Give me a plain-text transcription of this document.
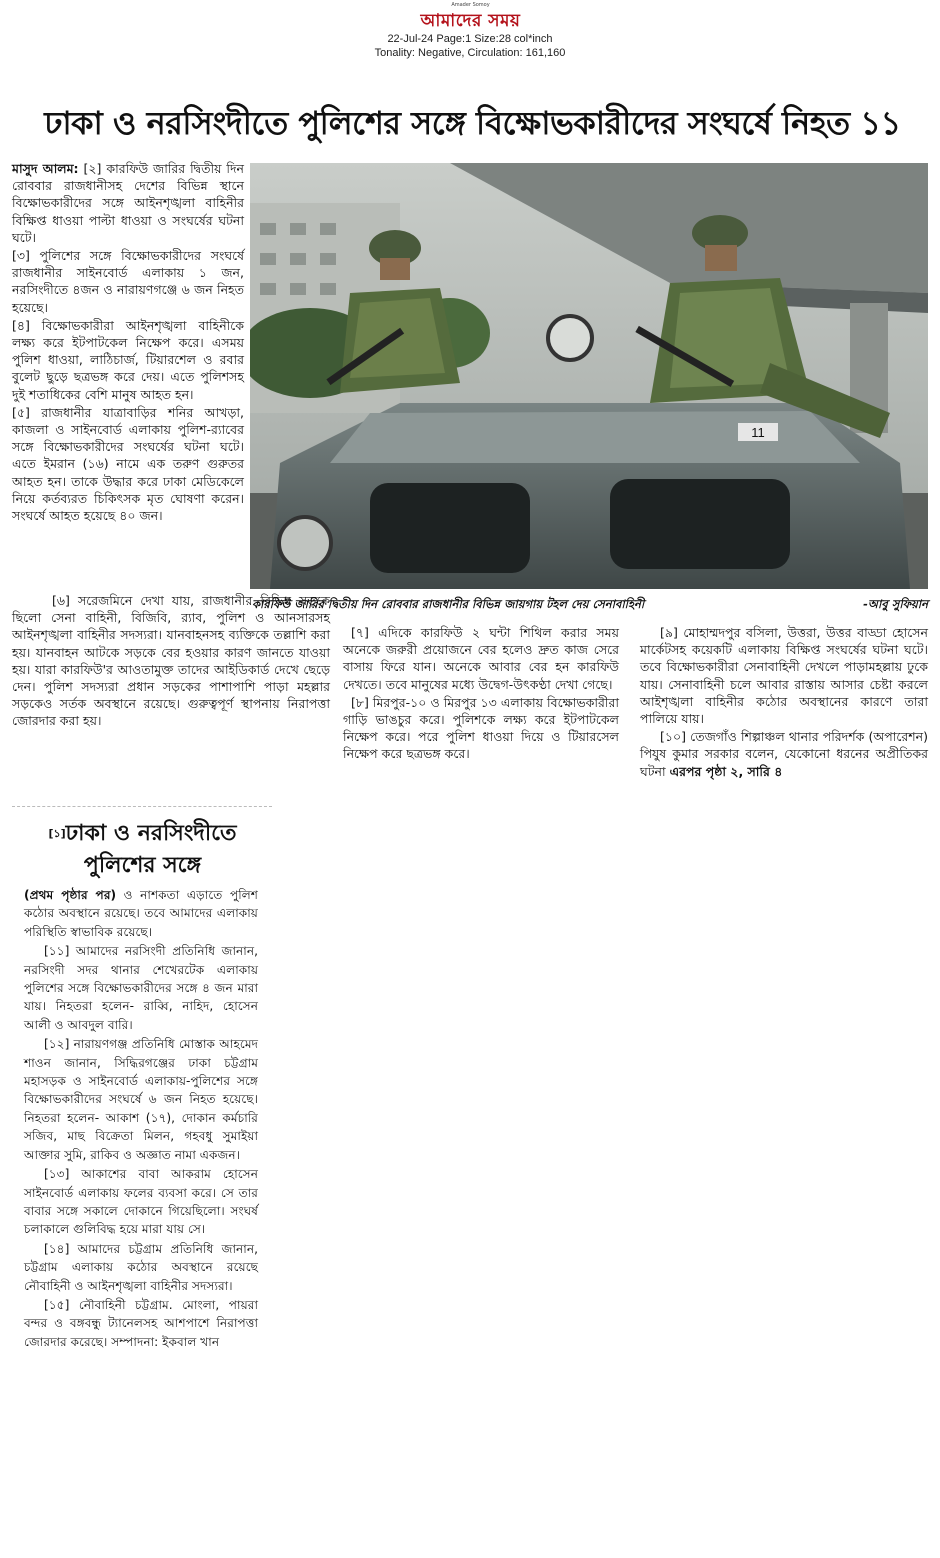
Amader Somoy
আমাদের সময়
22-Jul-24 Page:1 Size:28 col*inch
Tonality: Negative, Circulation: 161,160
ঢাকা ও নরসিংদীতে পুলিশের সঙ্গে বিক্ষোভকারীদের সংঘর্ষে নিহত ১১

মাসুদ আলম: [২] কারফিউ জারির দ্বিতীয় দিন রোববার রাজধানীসহ দেশের বিভিন্ন স্থানে বিক্ষোভকারীদের সঙ্গে আইনশৃঙ্খলা বাহিনীর বিক্ষিপ্ত ধাওয়া পাল্টা ধাওয়া ও সংঘর্ষের ঘটনা ঘটে।

[৩] পুলিশের সঙ্গে বিক্ষোভকারীদের সংঘর্ষে রাজধানীর সাইনবোর্ড এলাকায় ১ জন, নরসিংদীতে ৪জন ও নারায়ণগঞ্জে ৬ জন নিহত হয়েছে।

[৪] বিক্ষোভকারীরা আইনশৃঙ্খলা বাহিনীকে লক্ষ্য করে ইটপাটকেল নিক্ষেপ করে। এসময় পুলিশ ধাওয়া, লাঠিচার্জ, টিয়ারশেল ও রবার বুলেট ছুড়ে ছত্রভঙ্গ করে দেয়। এতে পুলিশসহ দুই শতাধিকের বেশি মানুষ আহত হন।

[৫] রাজধানীর যাত্রাবাড়ির শনির আখড়া, কাজলা ও সাইনবোর্ড এলাকায় পুলিশ-র‌্যাবের সঙ্গে বিক্ষোভকারীদের সংঘর্ষের ঘটনা ঘটে। এতে ইমরান (১৬) নামে এক তরুণ গুরুতর আহত হন। তাকে উদ্ধার করে ঢাকা মেডিকেলে নিয়ে কর্তব্যরত চিকিৎসক মৃত ঘোষণা করেন। সংঘর্ষে আহত হয়েছে ৪০ জন।

[৬] সরেজমিনে দেখা যায়, রাজধানীর বিভিন্ন সড়কে ছিলো সেনা বাহিনী, বিজিবি, র‌্যাব, পুলিশ ও আনসারসহ আইনশৃঙ্খলা বাহিনীর সদস্যরা। যানবাহনসহ ব্যক্তিকে তল্লাশি করা হয়। যানবাহন আটকে সড়কে বের হওয়ার কারণ জানতে যাওয়া হয়। যারা কারফিউ'র আওতামুক্ত তাদের আইডিকার্ড দেখে ছেড়ে দেন। পুলিশ সদস্যরা প্রধান সড়কের পাশাপাশি পাড়া মহল্লার সড়কেও সর্তক অবস্থানে রয়েছে। গুরুত্বপূর্ণ স্থাপনায় নিরাপত্তা জোরদার করা হয়।

11
কারফিউ জারির দ্বিতীয় দিন রোববার রাজধানীর বিভিন্ন জায়গায় টহল দেয় সেনাবাহিনী	-আবু সুফিয়ান

[৭] এদিকে কারফিউ ২ ঘন্টা শিথিল করার সময় অনেকে জরুরী প্রয়োজনে বের হলেও দ্রুত কাজ সেরে বাসায় ফিরে যান। অনেকে আবার বের হন কারফিউ দেখতে। তবে মানুষের মধ্যে উদ্বেগ-উৎকণ্ঠা দেখা গেছে।

[৮] মিরপুর-১০ ও মিরপুর ১৩ এলাকায় বিক্ষোভকারীরা গাড়ি ভাঙচুর করে। পুলিশকে লক্ষ্য করে ইটপাটকেল নিক্ষেপ করে। পরে পুলিশ ধাওয়া দিয়ে ও টিয়ারসেল নিক্ষেপ করে ছত্রভঙ্গ করে।

[৯] মোহাম্মদপুর বসিলা, উত্তরা, উত্তর বাড্ডা হোসেন মার্কেটসহ কয়েকটি এলাকায় বিক্ষিপ্ত সংঘর্ষের ঘটনা ঘটে। তবে বিক্ষোভকারীরা সেনাবাহিনী দেখলে পাড়ামহল্লায় ঢুকে যায়। সেনাবাহিনী চলে আবার রাস্তায় আসার চেষ্টা করলে আইশৃঙ্খলা বাহিনীর কঠোর অবস্থানের কারণে তারা পালিয়ে যায়।

[১০] তেজগাঁও শিল্পাঞ্চল থানার পরিদর্শক (অপারেশন) পিযুষ কুমার সরকার বলেন, যেকোনো ধরনের অপ্রীতিকর ঘটনা এরপর পৃষ্ঠা ২, সারি ৪

[১]ঢাকা ও নরসিংদীতে
পুলিশের সঙ্গে

(প্রথম পৃষ্ঠার পর) ও নাশকতা এড়াতে পুলিশ কঠোর অবস্থানে রয়েছে। তবে আমাদের এলাকায় পরিস্থিতি স্বাভাবিক রয়েছে।

[১১] আমাদের নরসিংদী প্রতিনিধি জানান, নরসিংদী সদর থানার শেখেরটেক এলাকায় পুলিশের সঙ্গে বিক্ষোভকারীদের সঙ্গে ৪ জন মারা যায়। নিহতরা হলেন- রাব্বি, নাহিদ, হোসেন আলী ও আবদুল বারি।

[১২] নারায়ণগঞ্জ প্রতিনিধি মোস্তাক আহমেদ শাওন জানান, সিদ্ধিরগঞ্জের ঢাকা চট্টগ্রাম মহাসড়ক ও সাইনবোর্ড এলাকায়-পুলিশের সঙ্গে বিক্ষোভকারীদের সংঘর্ষে ৬ জন নিহত হয়েছে। নিহতরা হলেন- আকাশ (১৭), দোকান কর্মচারি সজিব, মাছ বিক্রেতা মিলন, গহবধু সুমাইয়া আক্তার সুমি, রাকিব ও অজ্ঞাত নামা একজন।

[১৩] আকাশের বাবা আকরাম হোসেন সাইনবোর্ড এলাকায় ফলের ব্যবসা করে। সে তার বাবার সঙ্গে সকালে দোকানে গিয়েছিলো। সংঘর্ষ চলাকালে গুলিবিদ্ধ হয়ে মারা যায় সে।

[১৪] আমাদের চট্টগ্রাম প্রতিনিধি জানান, চট্টগ্রাম এলাকায় কঠোর অবস্থানে রয়েছে নৌবাহিনী ও আইনশৃঙ্খলা বাহিনীর সদস্যরা।

[১৫] নৌবাহিনী চট্টগ্রাম. মোংলা, পায়রা বন্দর ও বঙ্গবন্ধু ট্যানেলসহ আশপাশে নিরাপত্তা জোরদার করেছে। সম্পাদনা: ইকবাল খান
